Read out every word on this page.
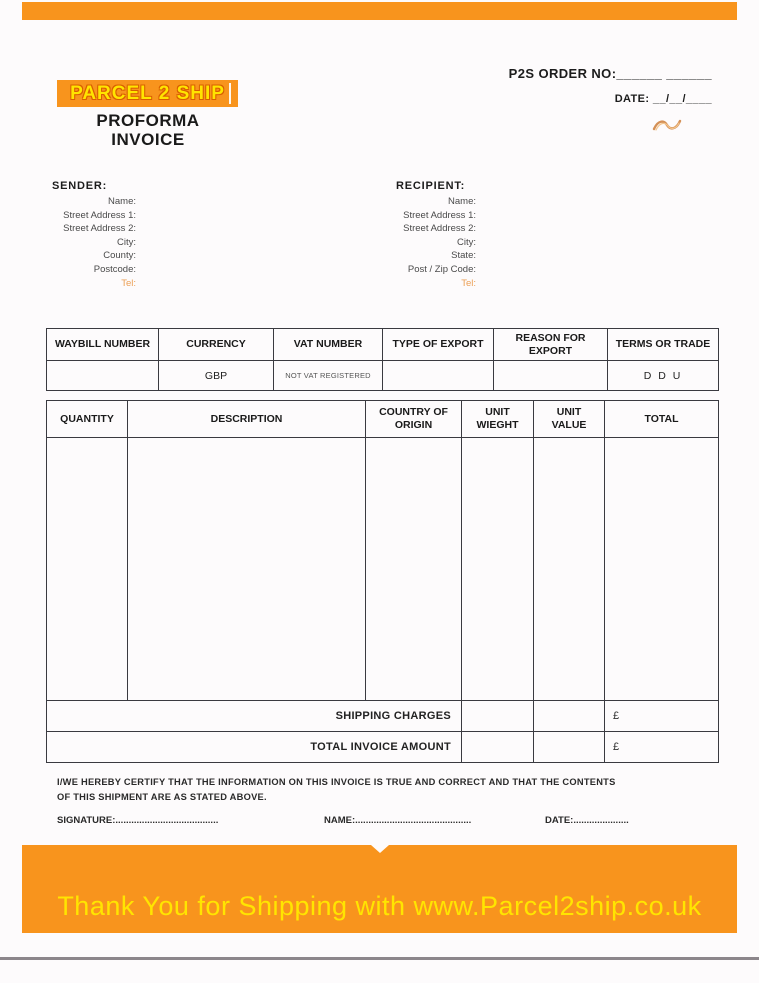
P2S ORDER NO:______ ______
DATE: __/__/____
PARCEL 2 SHIP
PROFORMA
INVOICE
SENDER:
Name:
Street Address 1:
Street Address 2:
City:
County:
Postcode:
Tel:
RECIPIENT:
Name:
Street Address 1:
Street Address 2:
City:
State:
Post / Zip Code:
Tel:
WAYBILL NUMBER	CURRENCY	VAT NUMBER	TYPE OF EXPORT	REASON FOR EXPORT	TERMS OR TRADE
	GBP	NOT VAT REGISTERED			D D U
QUANTITY	DESCRIPTION	COUNTRY OF ORIGIN	UNIT WIEGHT	UNIT VALUE	TOTAL

SHIPPING CHARGES					£
TOTAL INVOICE AMOUNT					£
I/WE HEREBY CERTIFY THAT THE INFORMATION ON THIS INVOICE IS TRUE AND CORRECT AND THAT THE CONTENTS
OF THIS SHIPMENT ARE AS STATED ABOVE.
SIGNATURE:.......................................	NAME:............................................	DATE:.....................
Thank You for Shipping with www.Parcel2ship.co.uk
